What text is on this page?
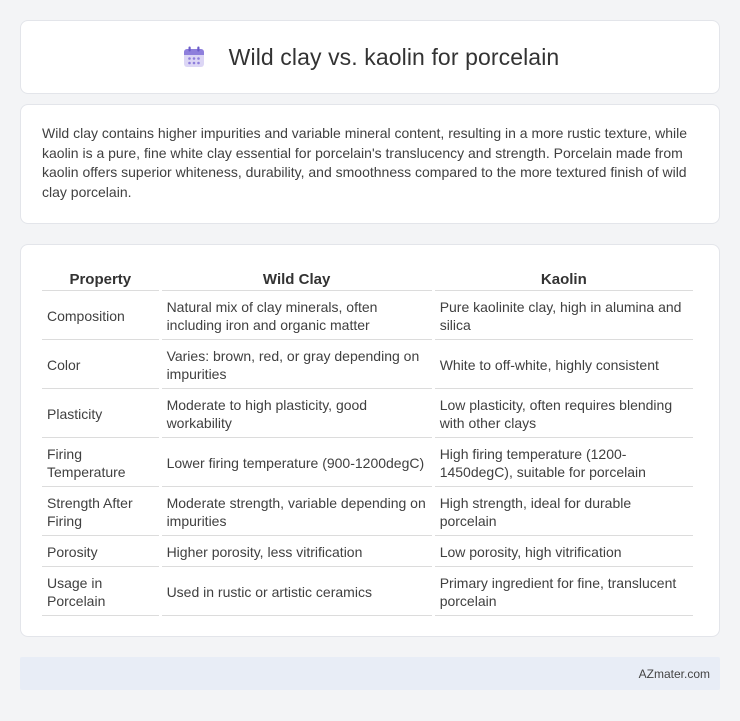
Wild clay vs. kaolin for porcelain

Wild clay contains higher impurities and variable mineral content, resulting in a more rustic texture, while kaolin is a pure, fine white clay essential for porcelain's translucency and strength. Porcelain made from kaolin offers superior whiteness, durability, and smoothness compared to the more textured finish of wild clay porcelain.

Property	Wild Clay	Kaolin
Composition	Natural mix of clay minerals, often including iron and organic matter	Pure kaolinite clay, high in alumina and silica
Color	Varies: brown, red, or gray depending on impurities	White to off-white, highly consistent
Plasticity	Moderate to high plasticity, good workability	Low plasticity, often requires blending with other clays
Firing Temperature	Lower firing temperature (900-1200degC)	High firing temperature (1200-1450degC), suitable for porcelain
Strength After Firing	Moderate strength, variable depending on impurities	High strength, ideal for durable porcelain
Porosity	Higher porosity, less vitrification	Low porosity, high vitrification
Usage in Porcelain	Used in rustic or artistic ceramics	Primary ingredient for fine, translucent porcelain
AZmater.com
